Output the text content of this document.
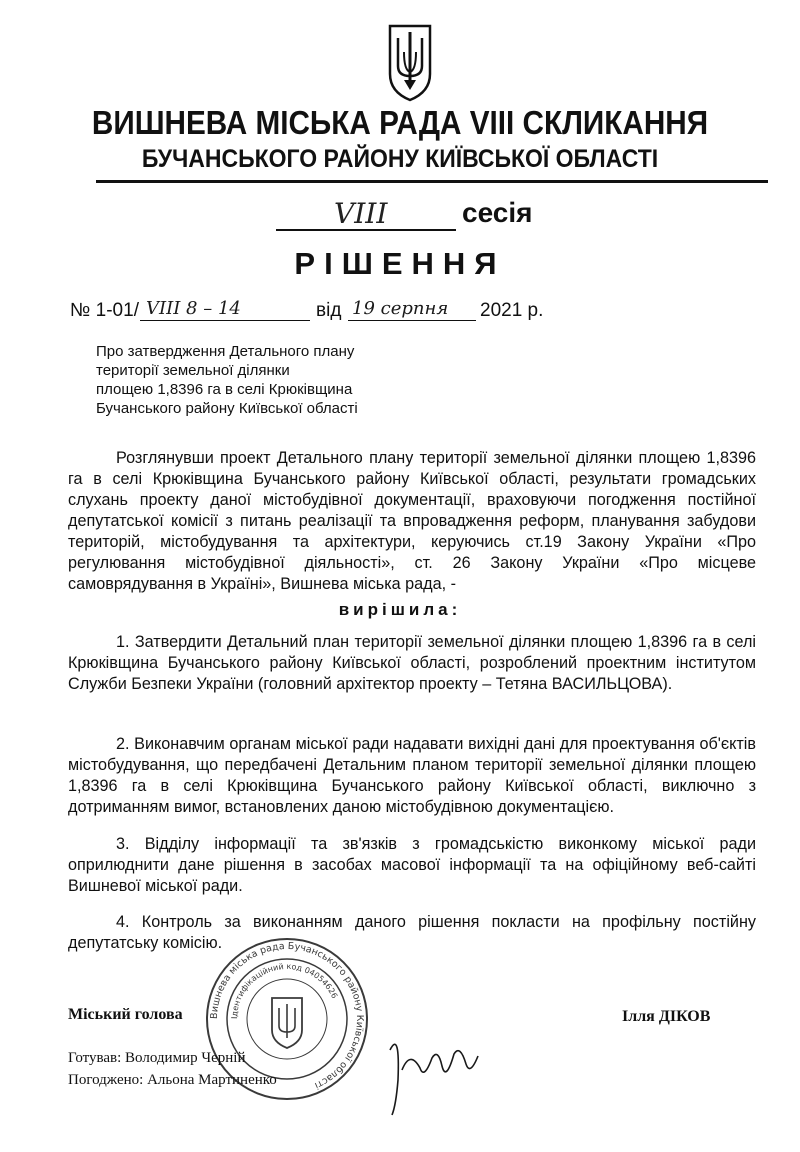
ВИШНЕВА МІСЬКА РАДА VIII СКЛИКАННЯ
БУЧАНСЬКОГО РАЙОНУ КИЇВСЬКОЇ ОБЛАСТІ
VIII	сесія
РІШЕННЯ
№ 1-01/ VIII 8 – 14	від 19 серпня 2021 р.
Про затвердження Детального плану
території земельної ділянки
площею 1,8396 га в селі Крюківщина
Бучанського району Київської області

Розглянувши проект Детального плану території земельної ділянки площею 1,8396 га в селі Крюківщина Бучанського району Київської області, результати громадських слухань проекту даної містобудівної документації, враховуючи погодження постійної депутатської комісії з питань реалізації та впровадження реформ, планування забудови територій, містобудування та архітектури, керуючись ст.19 Закону України «Про регулювання містобудівної діяльності», ст. 26 Закону України «Про місцеве самоврядування в Україні», Вишнева міська рада, -

вирішила:

1. Затвердити Детальний план території земельної ділянки площею 1,8396 га в селі Крюківщина Бучанського району Київської області, розроблений проектним інститутом Служби Безпеки України (головний архітектор проекту – Тетяна ВАСИЛЬЦОВА).

2. Виконавчим органам міської ради надавати вихідні дані для проектування об'єктів містобудування, що передбачені Детальним планом території земельної ділянки площею 1,8396 га в селі Крюківщина Бучанського району Київської області, виключно з дотриманням вимог, встановлених даною містобудівною документацією.

3. Відділу інформації та зв'язків з громадськістю виконкому міської ради оприлюднити дане рішення в засобах масової інформації та на офіційному веб-сайті Вишневої міської ради.

4. Контроль за виконанням даного рішення покласти на профільну постійну депутатську комісію.

Вишнева міська рада Бучанського району Київської області
Ідентифікаційний код 04054626
Міський голова	Ілля ДІКОВ
Готував: Володимир Черній
Погоджено: Альона Мартиненко
